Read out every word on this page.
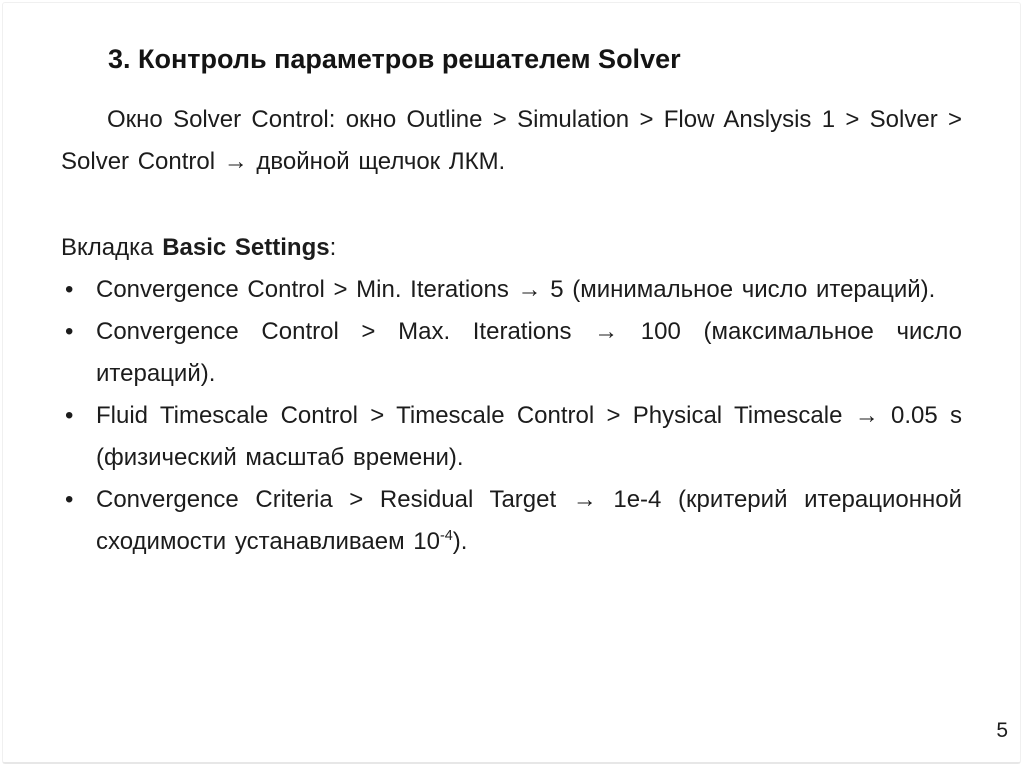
3. Контроль параметров решателем Solver

Окно Solver Control: окно Outline > Simulation > Flow Anslysis 1 > Solver > Solver Control → двойной щелчок ЛКМ.

Вкладка Basic Settings:

• Convergence Control > Min. Iterations → 5 (минимальное число итераций).
• Convergence Control > Max. Iterations → 100 (максимальное число итераций).
• Fluid Timescale Control > Timescale Control > Physical Timescale → 0.05 s (физический масштаб времени).
• Convergence Criteria > Residual Target → 1e-4 (критерий итерационной сходимости устанавливаем $10^{-4}$).
5
